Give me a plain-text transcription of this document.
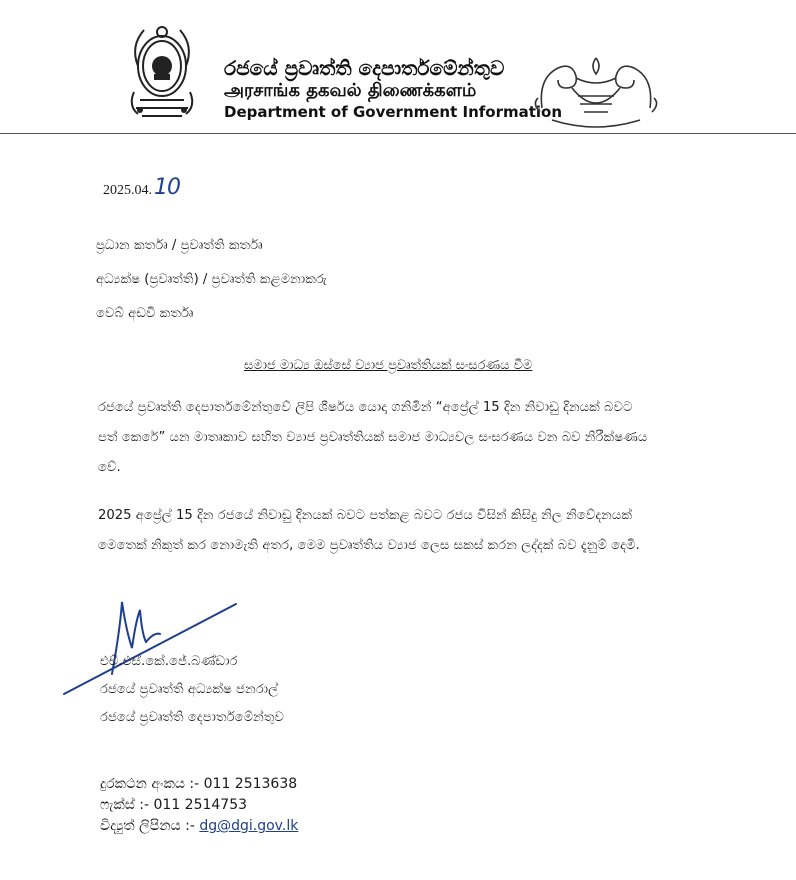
රජයේ ප්‍රවෘත්ති දෙපාර්තමේන්තුව
அரசாங்க தகவல் திணைக்களம்
Department of Government Information
2025.04.10
ප්‍රධාන කර්තෘ / ප්‍රවෘත්ති කර්තෘ
අධ්‍යක්ෂ (ප්‍රවෘත්ති) / ප්‍රවෘත්ති කළමනාකරු
වෙබ් අඩවි කර්තෘ
සමාජ මාධ්‍ය ඔස්සේ ව්‍යාජ ප්‍රවෘත්තියක් සංසරණය වීම
රජයේ ප්‍රවෘත්ති දෙපාර්තමේන්තුවේ ලිපි ශීර්ෂය යොදා ගනිමින් “අප්‍රේල් 15 දින නිවාඩු දිනයක් බවට
පත් කෙරේ” යන මාතෘකාව සහිත ව්‍යාජ ප්‍රවෘත්තියක් සමාජ මාධ්‍යවල සංසරණය වන බව නිරීක්ෂණය
වේ.
2025 අප්‍රේල් 15 දින රජයේ නිවාඩු දිනයක් බවට පත්කළ බවට රජය විසින් කිසිදු නිල නිවේදනයක්
මෙතෙක් නිකුත් කර නොමැති අතර, මෙම ප්‍රවෘත්තිය ව්‍යාජ ලෙස සකස් කරන ලද්දක් බව දැනුම් දෙමි.
එච්.එස්.කේ.ජේ.බණ්ඩාර
රජයේ ප්‍රවෘත්ති අධ්‍යක්ෂ ජනරාල්
රජයේ ප්‍රවෘත්ති දෙපාර්තමේන්තුව
දුරකථන අංකය :- 011 2513638
ෆැක්ස් :- 011 2514753
විද්‍යුත් ලිපිනය :- dg@dgi.gov.lk
